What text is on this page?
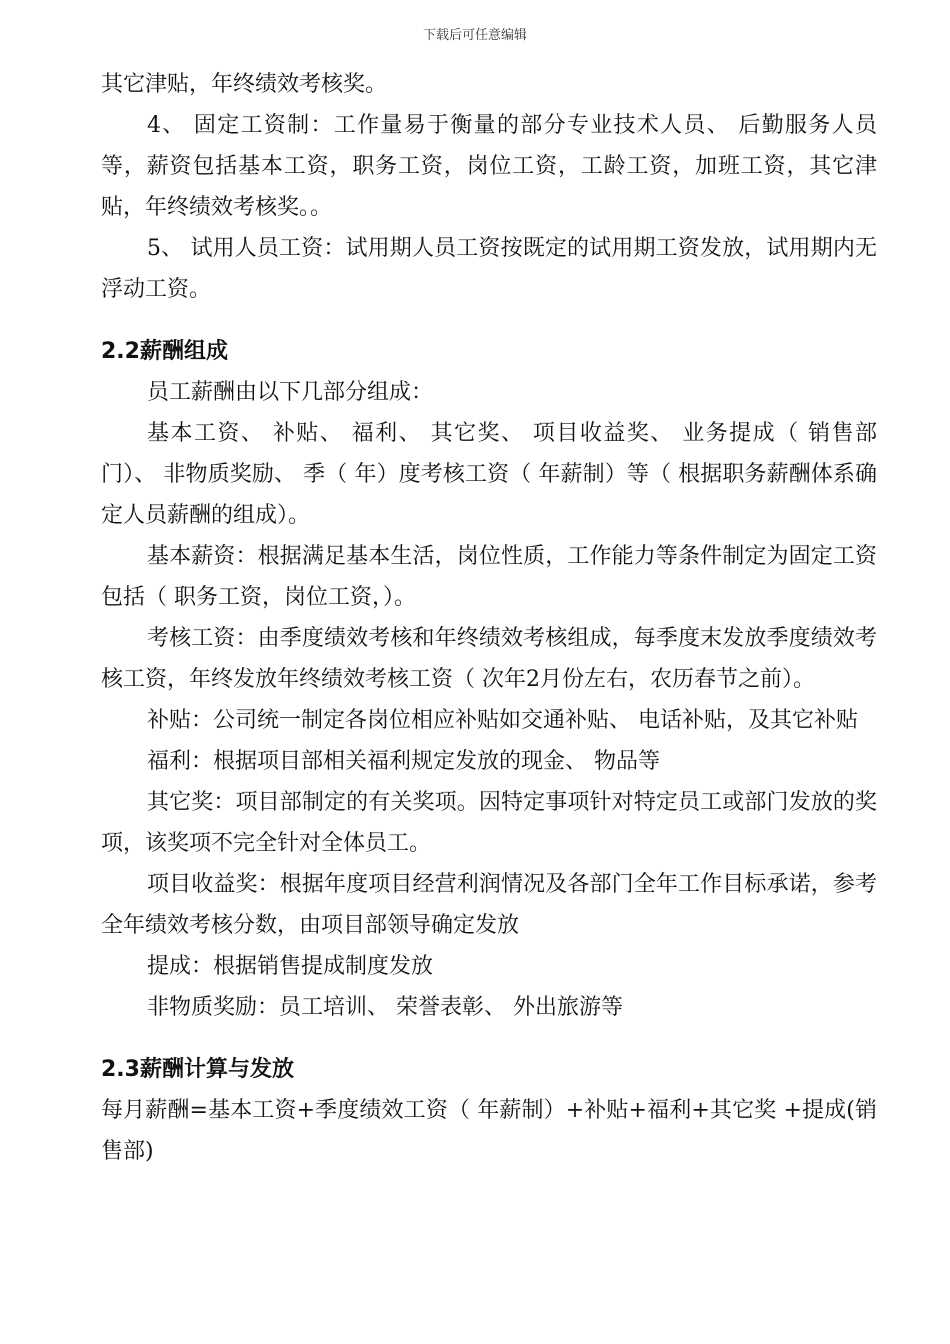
下载后可任意编辑

其它津贴，年终绩效考核奖。

4、 固定工资制：工作量易于衡量的部分专业技术人员、 后勤服务人员等，薪资包括基本工资，职务工资，岗位工资，工龄工资，加班工资，其它津贴，年终绩效考核奖。。

5、 试用人员工资：试用期人员工资按既定的试用期工资发放，试用期内无浮动工资。

2.2薪酬组成

员工薪酬由以下几部分组成：

基本工资、 补贴、 福利、 其它奖、 项目收益奖、 业务提成（ 销售部门）、 非物质奖励、 季（ 年）度考核工资（ 年薪制）等（ 根据职务薪酬体系确定人员薪酬的组成）。

基本薪资：根据满足基本生活，岗位性质，工作能力等条件制定为固定工资包括（ 职务工资，岗位工资，）。

考核工资：由季度绩效考核和年终绩效考核组成，每季度末发放季度绩效考核工资，年终发放年终绩效考核工资（ 次年2月份左右，农历春节之前）。

补贴：公司统一制定各岗位相应补贴如交通补贴、 电话补贴，及其它补贴

福利：根据项目部相关福利规定发放的现金、 物品等

其它奖：项目部制定的有关奖项。因特定事项针对特定员工或部门发放的奖项，该奖项不完全针对全体员工。

项目收益奖：根据年度项目经营利润情况及各部门全年工作目标承诺，参考全年绩效考核分数，由项目部领导确定发放

提成：根据销售提成制度发放

非物质奖励：员工培训、 荣誉表彰、 外出旅游等

2.3薪酬计算与发放

每月薪酬=基本工资+季度绩效工资（ 年薪制）+补贴+福利+其它奖 +提成(销售部)
